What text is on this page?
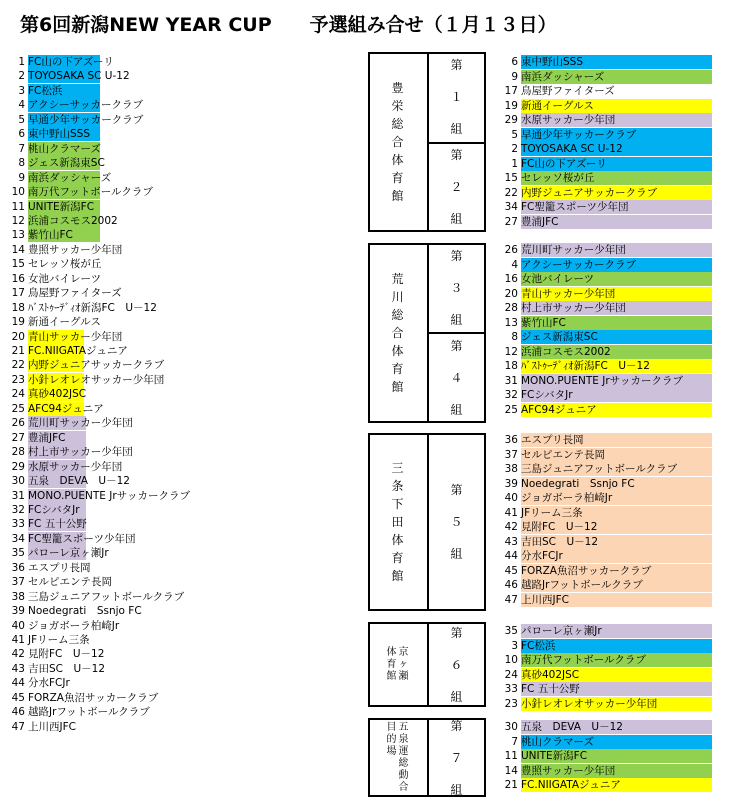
第6回新潟NEW YEAR CUP　　予選組み合せ（１月１３日）
1 FC山の下アズーリ
2 TOYOSAKA SC U-12
3 FC松浜
4 アクシーサッカークラブ
5 早通少年サッカークラブ
6 東中野山SSS
7 桃山クラマーズ
8 ジェス新潟東SC
9 南浜ダッシャーズ
10 南万代フットボールクラブ
11 UNITE新潟FC
12 浜浦コスモス2002
13 紫竹山FC
14 豊照サッカー少年団
15 セレッソ桜が丘
16 女池バイレーツ
17 鳥屋野ファイターズ
18 ﾊﾞｽﾄｩｰﾃﾞｨｵ新潟FC　U－12
19 新通イーグルス
20 青山サッカー少年団
21 FC.NIIGATAジュニア
22 内野ジュニアサッカークラブ
23 小針レオレオサッカー少年団
24 真砂402JSC
25 AFC94ジュニア
26 荒川町サッカー少年団
27 豊浦JFC
28 村上市サッカー少年団
29 水原サッカー少年団
30 五泉　DEVA　U－12
31 MONO.PUENTE Jrサッカークラブ
32 FCシバタJr
33 FC 五十公野
34 FC聖籠スポーツ少年団
35 パローレ京ヶ瀬Jr
36 エスプリ長岡
37 セルピエンテ長岡
38 三島ジュニアフットボールクラブ
39 Noedegrati　Ssnjo FC
40 ジョガボーラ柏崎Jr
41 JFリーム三条
42 見附FC　U－12
43 吉田SC　U－12
44 分水FCJr
45 FORZA魚沼サッカークラブ
46 越路Jrフットボールクラブ
47 上川西JFC
豊
栄
総
合
体
育
館
第
１
組
第
２
組
荒
川
総
合
体
育
館
第
３
組
第
４
組
三
条
下
田
体
育
館
第
５
組
体
育
館
京
ヶ
瀬
第
６
組
目
的
場
五
泉
運
総
動
合
第
７
組
6 東中野山SSS
9 南浜ダッシャーズ
17 鳥屋野ファイターズ
19 新通イーグルス
29 水原サッカー少年団
5 早通少年サッカークラブ
2 TOYOSAKA SC U-12
1 FC山の下アズーリ
15 セレッソ桜が丘
22 内野ジュニアサッカークラブ
34 FC聖籠スポーツ少年団
27 豊浦JFC
26 荒川町サッカー少年団
4 アクシーサッカークラブ
16 女池バイレーツ
20 青山サッカー少年団
28 村上市サッカー少年団
13 紫竹山FC
8 ジェス新潟東SC
12 浜浦コスモス2002
18 ﾊﾞｽﾄｩｰﾃﾞｨｵ新潟FC　U－12
31 MONO.PUENTE Jrサッカークラブ
32 FCシバタJr
25 AFC94ジュニア
36 エスプリ長岡
37 セルピエンテ長岡
38 三島ジュニアフットボールクラブ
39 Noedegrati　Ssnjo FC
40 ジョガボーラ柏崎Jr
41 JFリーム三条
42 見附FC　U－12
43 吉田SC　U－12
44 分水FCJr
45 FORZA魚沼サッカークラブ
46 越路Jrフットボールクラブ
47 上川西JFC
35 パローレ京ヶ瀬Jr
3 FC松浜
10 南万代フットボールクラブ
24 真砂402JSC
33 FC 五十公野
23 小針レオレオサッカー少年団
30 五泉　DEVA　U－12
7 桃山クラマーズ
11 UNITE新潟FC
14 豊照サッカー少年団
21 FC.NIIGATAジュニア
